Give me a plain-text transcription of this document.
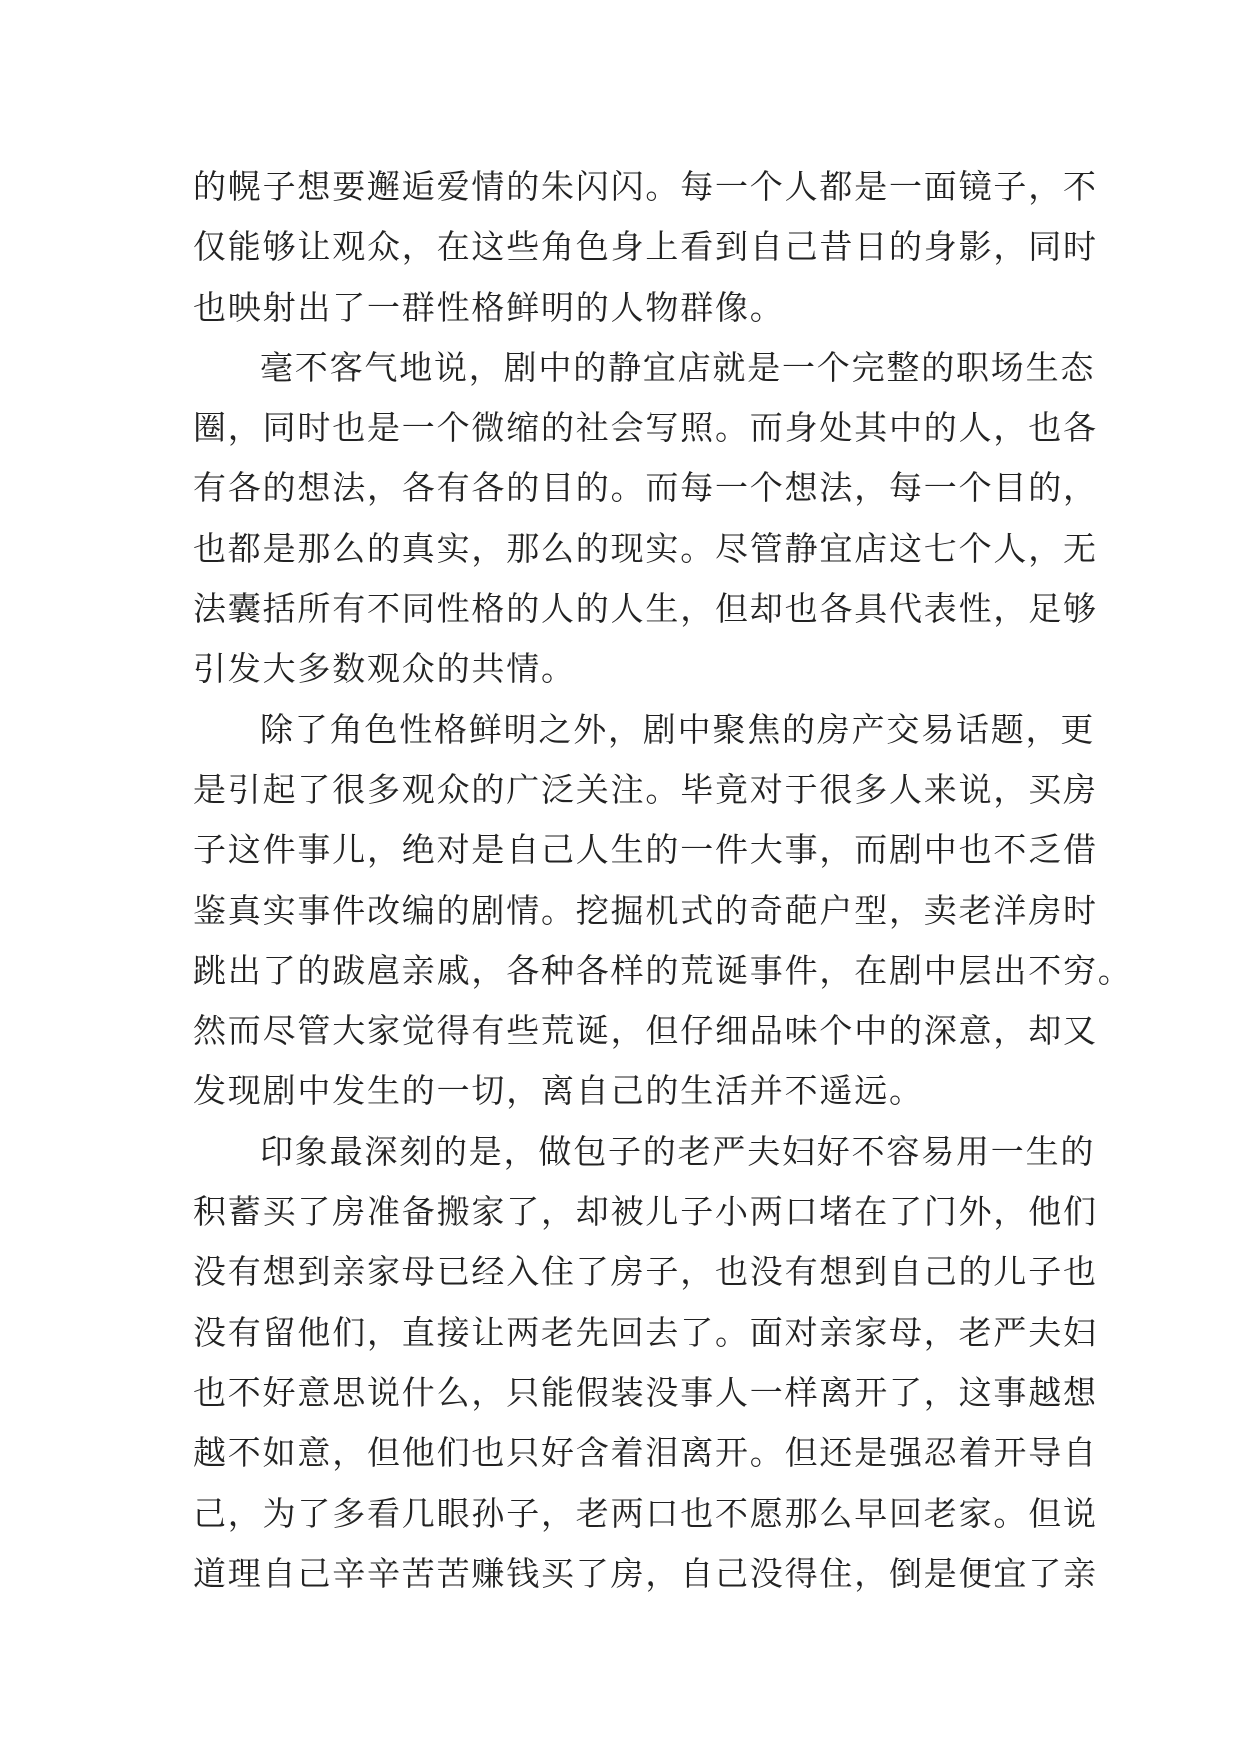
的幌子想要邂逅爱情的朱闪闪。每一个人都是一面镜子，不
仅能够让观众，在这些角色身上看到自己昔日的身影，同时
也映射出了一群性格鲜明的人物群像。
毫不客气地说，剧中的静宜店就是一个完整的职场生态
圈，同时也是一个微缩的社会写照。而身处其中的人，也各
有各的想法，各有各的目的。而每一个想法，每一个目的，
也都是那么的真实，那么的现实。尽管静宜店这七个人，无
法囊括所有不同性格的人的人生，但却也各具代表性，足够
引发大多数观众的共情。
除了角色性格鲜明之外，剧中聚焦的房产交易话题，更
是引起了很多观众的广泛关注。毕竟对于很多人来说，买房
子这件事儿，绝对是自己人生的一件大事，而剧中也不乏借
鉴真实事件改编的剧情。挖掘机式的奇葩户型，卖老洋房时
跳出了的跋扈亲戚，各种各样的荒诞事件，在剧中层出不穷。
然而尽管大家觉得有些荒诞，但仔细品味个中的深意，却又
发现剧中发生的一切，离自己的生活并不遥远。
印象最深刻的是，做包子的老严夫妇好不容易用一生的
积蓄买了房准备搬家了，却被儿子小两口堵在了门外，他们
没有想到亲家母已经入住了房子，也没有想到自己的儿子也
没有留他们，直接让两老先回去了。面对亲家母，老严夫妇
也不好意思说什么，只能假装没事人一样离开了，这事越想
越不如意，但他们也只好含着泪离开。但还是强忍着开导自
己，为了多看几眼孙子，老两口也不愿那么早回老家。但说
道理自己辛辛苦苦赚钱买了房，自己没得住，倒是便宜了亲
